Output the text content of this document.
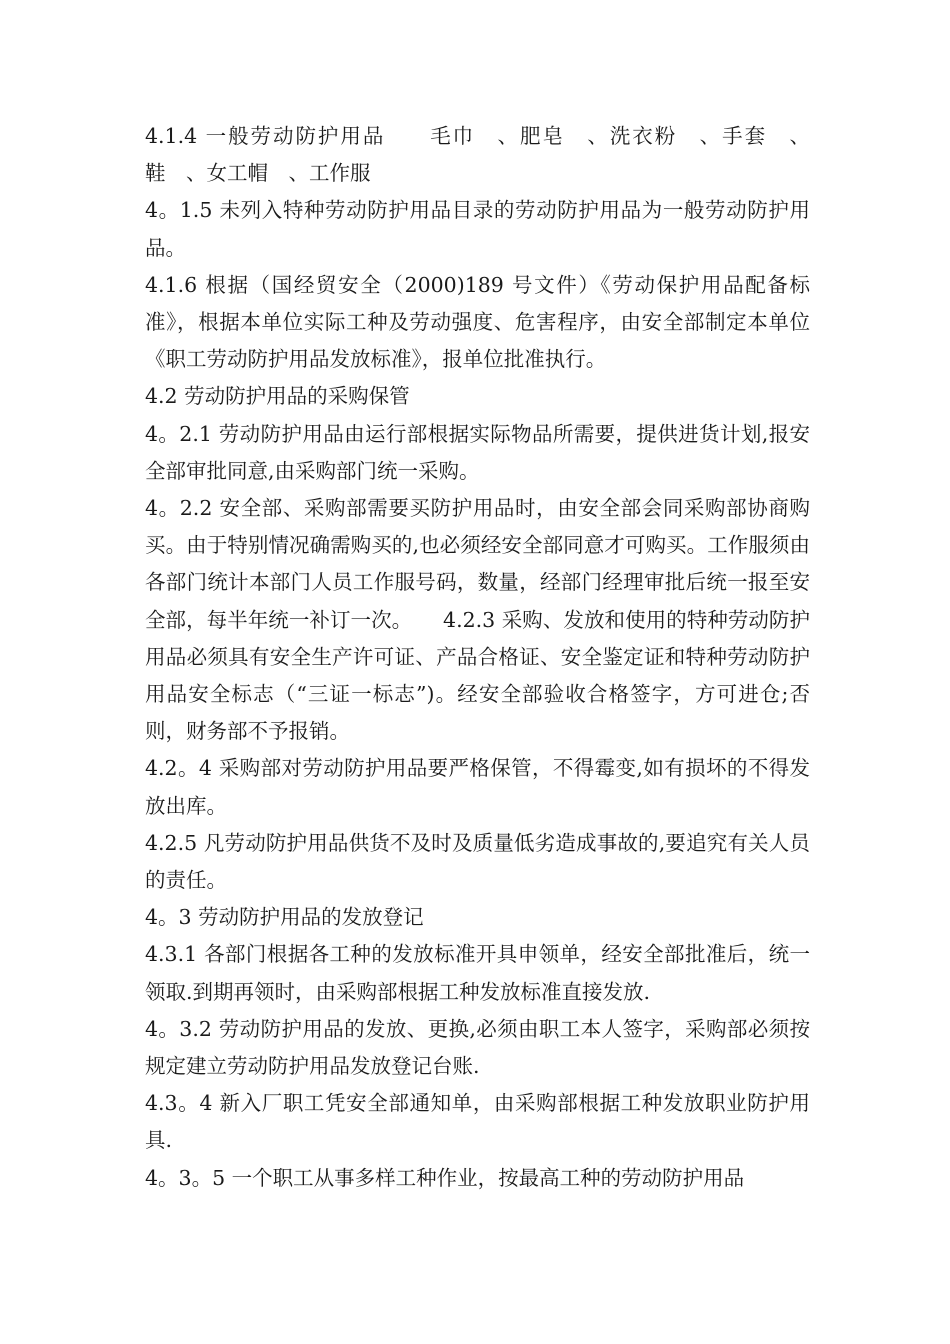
4.1.4 一般劳动防护用品　　毛巾　、肥皂　、洗衣粉　、手套　、鞋　、女工帽　、工作服

4。1.5 未列入特种劳动防护用品目录的劳动防护用品为一般劳动防护用品。

4.1.6 根据（国经贸安全（2000)189 号文件）《劳动保护用品配备标准》，根据本单位实际工种及劳动强度、危害程序，由安全部制定本单位《职工劳动防护用品发放标准》，报单位批准执行。

4.2 劳动防护用品的采购保管

4。2.1 劳动防护用品由运行部根据实际物品所需要，提供进货计划,报安全部审批同意,由采购部门统一采购。

4。2.2 安全部、采购部需要买防护用品时，由安全部会同采购部协商购买。由于特别情况确需购买的,也必须经安全部同意才可购买。工作服须由各部门统计本部门人员工作服号码，数量，经部门经理审批后统一报至安全部，每半年统一补订一次。　　4.2.3 采购、发放和使用的特种劳动防护用品必须具有安全生产许可证、产品合格证、安全鉴定证和特种劳动防护用品安全标志（“三证一标志”)。经安全部验收合格签字，方可进仓;否则，财务部不予报销。

4.2。4 采购部对劳动防护用品要严格保管，不得霉变,如有损坏的不得发放出库。

4.2.5 凡劳动防护用品供货不及时及质量低劣造成事故的,要追究有关人员的责任。

4。3 劳动防护用品的发放登记

4.3.1 各部门根据各工种的发放标准开具申领单，经安全部批准后，统一领取.到期再领时，由采购部根据工种发放标准直接发放.

4。3.2 劳动防护用品的发放、更换,必须由职工本人签字，采购部必须按规定建立劳动防护用品发放登记台账.

4.3。4 新入厂职工凭安全部通知单，由采购部根据工种发放职业防护用具.

4。3。5 一个职工从事多样工种作业，按最高工种的劳动防护用品
